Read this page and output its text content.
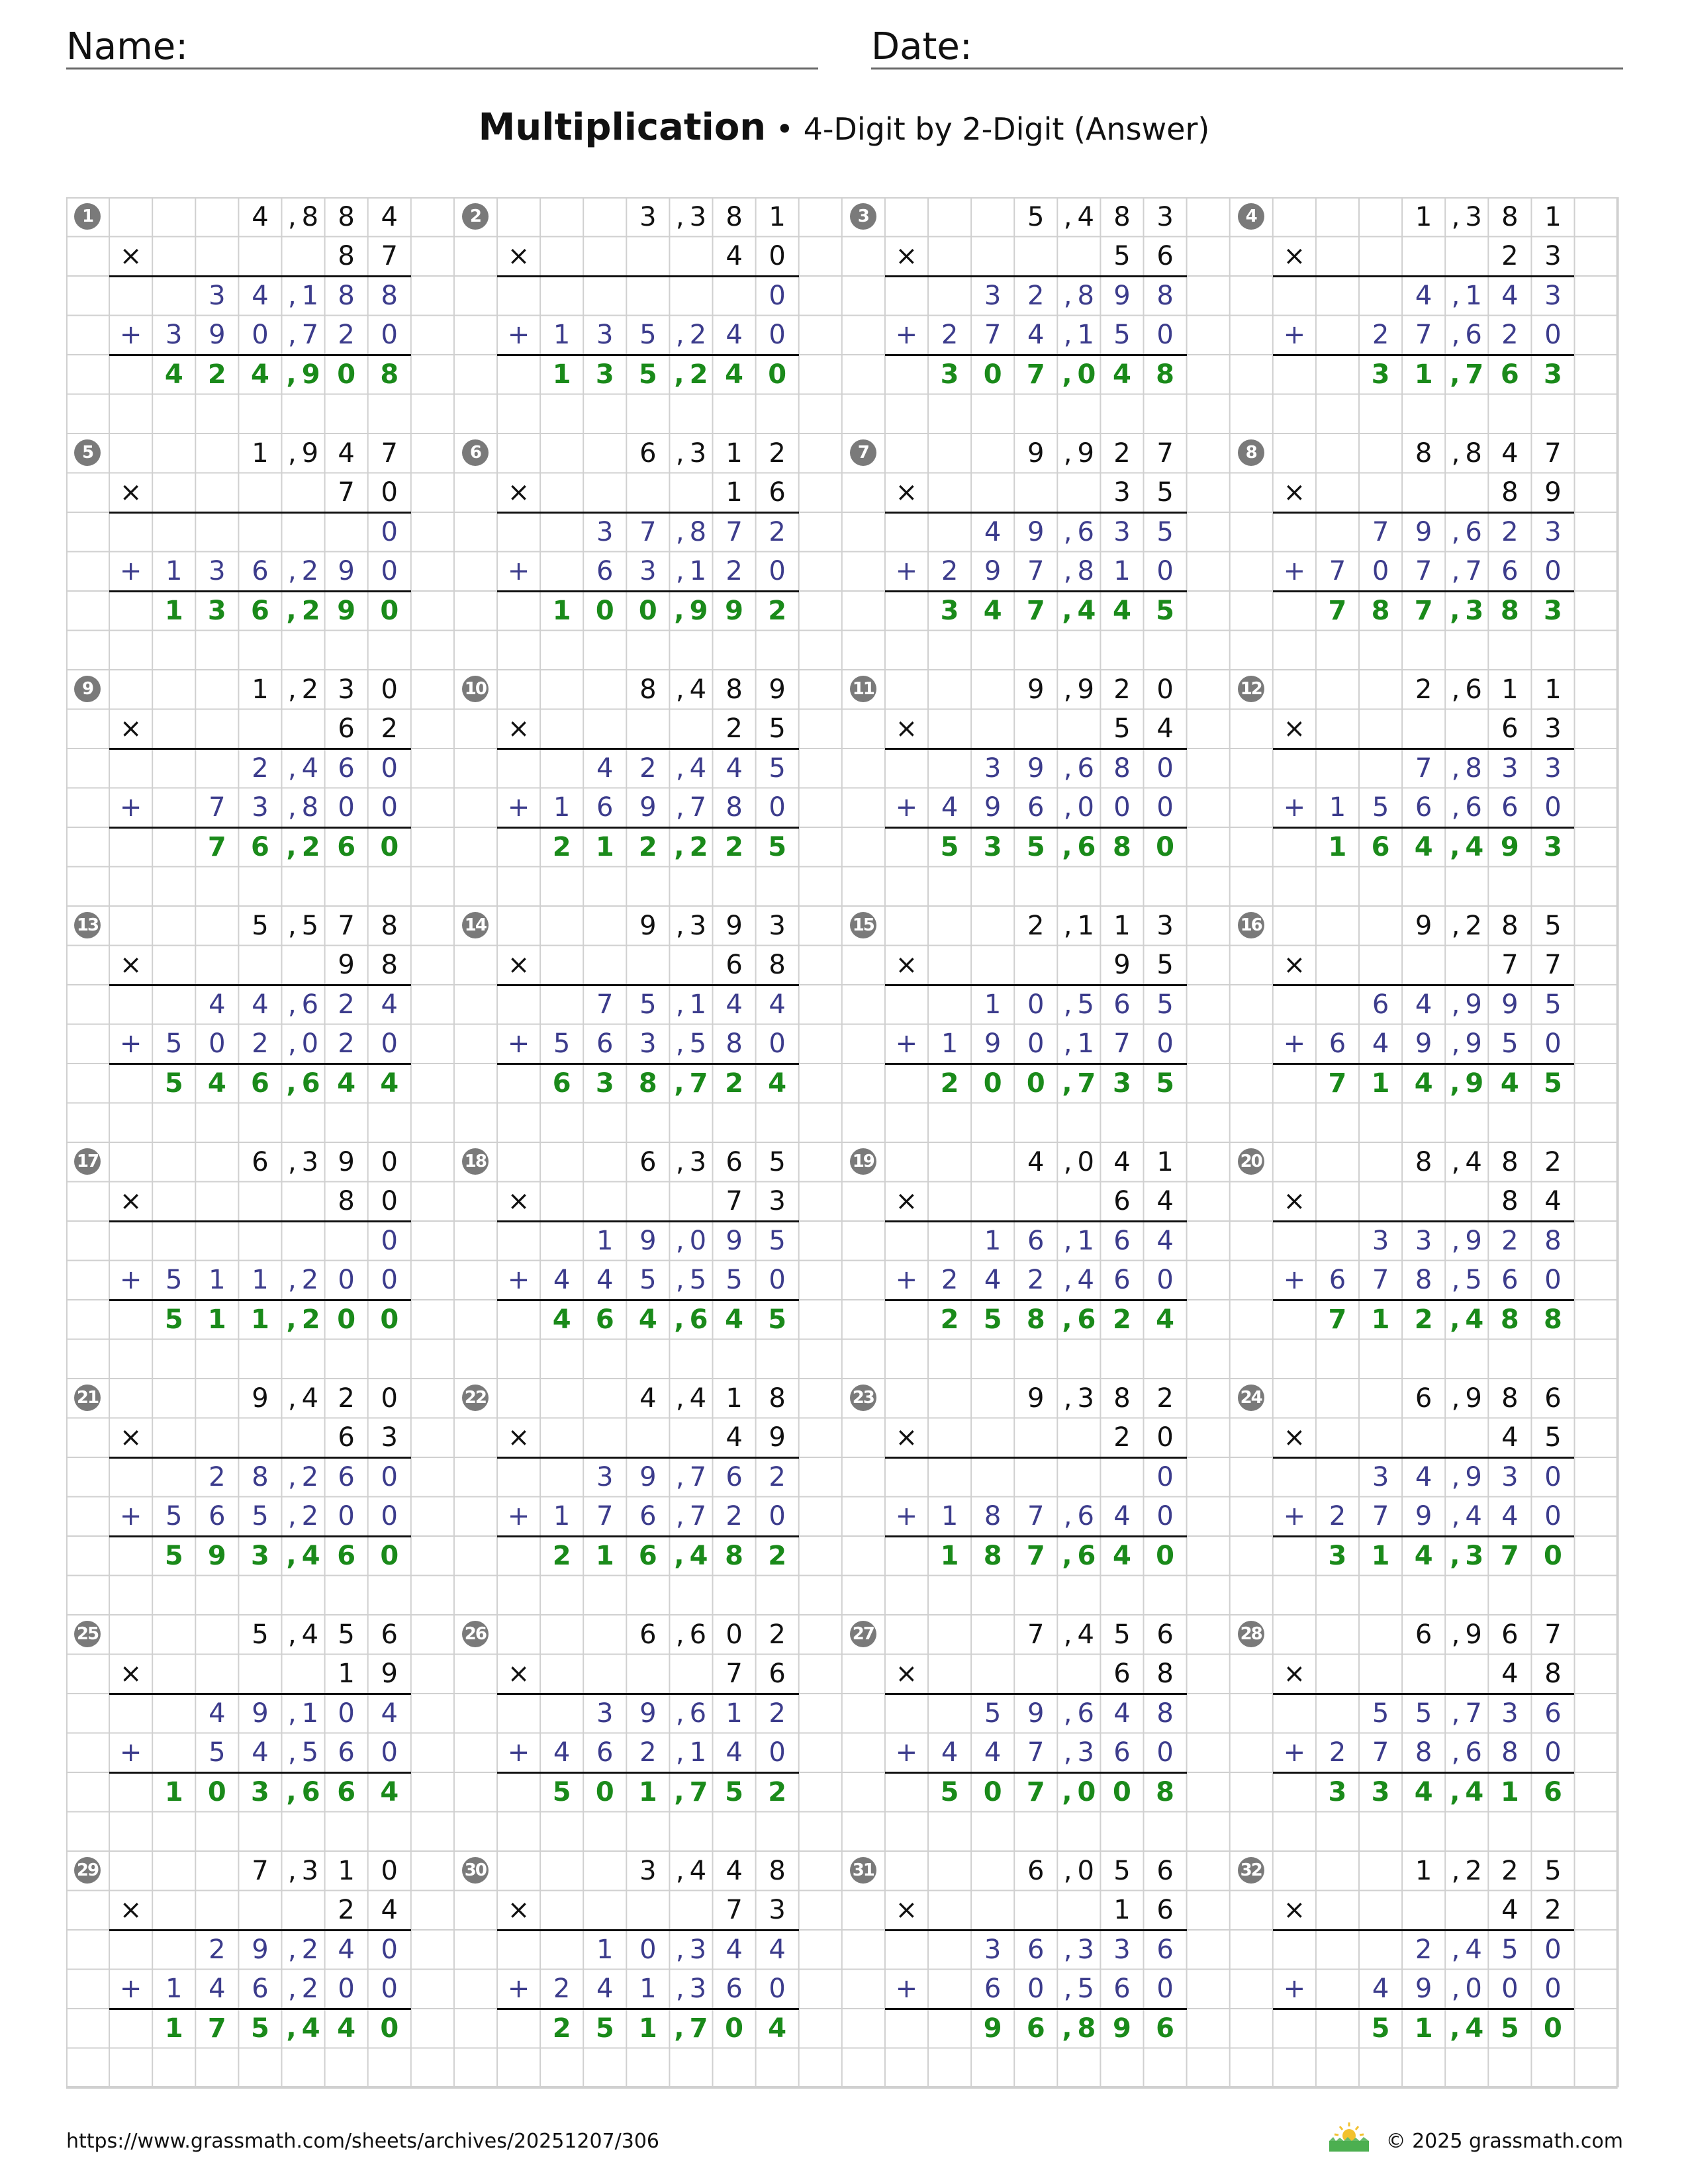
Name:	Date:
Multiplication • 4-Digit by 2-Digit (Answer)
1	4 , 8 8 4
×	8 7
3 4 , 1 8 8
+ 3 9 0 , 7 2 0
4 2 4 , 9 0 8
2	3 , 3 8 1
×	4 0
0
+ 1 3 5 , 2 4 0
1 3 5 , 2 4 0
3	5 , 4 8 3
×	5 6
3 2 , 8 9 8
+ 2 7 4 , 1 5 0
3 0 7 , 0 4 8
4	1 , 3 8 1
×	2 3
4 , 1 4 3
+	2 7 , 6 2 0
3 1 , 7 6 3
5	1 , 9 4 7
×	7 0
0
+ 1 3 6 , 2 9 0
1 3 6 , 2 9 0
6	6 , 3 1 2
×	1 6
3 7 , 8 7 2
+	6 3 , 1 2 0
1 0 0 , 9 9 2
7	9 , 9 2 7
×	3 5
4 9 , 6 3 5
+ 2 9 7 , 8 1 0
3 4 7 , 4 4 5
8	8 , 8 4 7
×	8 9
7 9 , 6 2 3
+ 7 0 7 , 7 6 0
7 8 7 , 3 8 3
9	1 , 2 3 0
×	6 2
2 , 4 6 0
+	7 3 , 8 0 0
7 6 , 2 6 0
10	8 , 4 8 9
×	2 5
4 2 , 4 4 5
+ 1 6 9 , 7 8 0
2 1 2 , 2 2 5
11	9 , 9 2 0
×	5 4
3 9 , 6 8 0
+ 4 9 6 , 0 0 0
5 3 5 , 6 8 0
12	2 , 6 1 1
×	6 3
7 , 8 3 3
+ 1 5 6 , 6 6 0
1 6 4 , 4 9 3
13	5 , 5 7 8
×	9 8
4 4 , 6 2 4
+ 5 0 2 , 0 2 0
5 4 6 , 6 4 4
14	9 , 3 9 3
×	6 8
7 5 , 1 4 4
+ 5 6 3 , 5 8 0
6 3 8 , 7 2 4
15	2 , 1 1 3
×	9 5
1 0 , 5 6 5
+ 1 9 0 , 1 7 0
2 0 0 , 7 3 5
16	9 , 2 8 5
×	7 7
6 4 , 9 9 5
+ 6 4 9 , 9 5 0
7 1 4 , 9 4 5
17	6 , 3 9 0
×	8 0
0
+ 5 1 1 , 2 0 0
5 1 1 , 2 0 0
18	6 , 3 6 5
×	7 3
1 9 , 0 9 5
+ 4 4 5 , 5 5 0
4 6 4 , 6 4 5
19	4 , 0 4 1
×	6 4
1 6 , 1 6 4
+ 2 4 2 , 4 6 0
2 5 8 , 6 2 4
20	8 , 4 8 2
×	8 4
3 3 , 9 2 8
+ 6 7 8 , 5 6 0
7 1 2 , 4 8 8
21	9 , 4 2 0
×	6 3
2 8 , 2 6 0
+ 5 6 5 , 2 0 0
5 9 3 , 4 6 0
22	4 , 4 1 8
×	4 9
3 9 , 7 6 2
+ 1 7 6 , 7 2 0
2 1 6 , 4 8 2
23	9 , 3 8 2
×	2 0
0
+ 1 8 7 , 6 4 0
1 8 7 , 6 4 0
24	6 , 9 8 6
×	4 5
3 4 , 9 3 0
+ 2 7 9 , 4 4 0
3 1 4 , 3 7 0
25	5 , 4 5 6
×	1 9
4 9 , 1 0 4
+	5 4 , 5 6 0
1 0 3 , 6 6 4
26	6 , 6 0 2
×	7 6
3 9 , 6 1 2
+ 4 6 2 , 1 4 0
5 0 1 , 7 5 2
27	7 , 4 5 6
×	6 8
5 9 , 6 4 8
+ 4 4 7 , 3 6 0
5 0 7 , 0 0 8
28	6 , 9 6 7
×	4 8
5 5 , 7 3 6
+ 2 7 8 , 6 8 0
3 3 4 , 4 1 6
29	7 , 3 1 0
×	2 4
2 9 , 2 4 0
+ 1 4 6 , 2 0 0
1 7 5 , 4 4 0
30	3 , 4 4 8
×	7 3
1 0 , 3 4 4
+ 2 4 1 , 3 6 0
2 5 1 , 7 0 4
31	6 , 0 5 6
×	1 6
3 6 , 3 3 6
+	6 0 , 5 6 0
9 6 , 8 9 6
32	1 , 2 2 5
×	4 2
2 , 4 5 0
+	4 9 , 0 0 0
5 1 , 4 5 0
https://www.grassmath.com/sheets/archives/20251207/306	© 2025 grassmath.com
